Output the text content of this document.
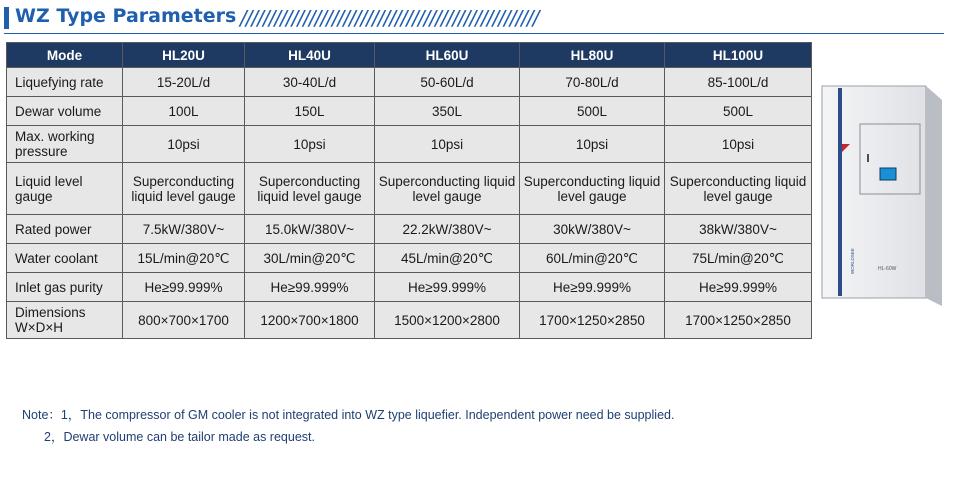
WZ Type Parameters ////////////////////////////////////////////////////
Mode	HL20U	HL40U	HL60U	HL80U	HL100U
Liquefying rate	15-20L/d	30-40L/d	50-60L/d	70-80L/d	85-100L/d
Dewar volume	100L	150L	350L	500L	500L
Max. working pressure	10psi	10psi	10psi	10psi	10psi
Liquid level gauge	Superconducting liquid level gauge	Superconducting liquid level gauge	Superconducting liquid level gauge	Superconducting liquid level gauge	Superconducting liquid level gauge
Rated power	7.5kW/380V~	15.0kW/380V~	22.2kW/380V~	30kW/380V~	38kW/380V~
Water coolant	15L/min@20℃	30L/min@20℃	45L/min@20℃	60L/min@20℃	75L/min@20℃
Inlet gas purity	He≥99.999%	He≥99.999%	He≥99.999%	He≥99.999%	He≥99.999%
Dimensions W×D×H	800×700×1700	1200×700×1800	1500×1200×2800	1700×1250×2850	1700×1250×2850
WORLDSEE	HL-60W
Note：1，The compressor of GM cooler is not integrated into WZ type liquefier. Independent power need be supplied.
2，Dewar volume can be tailor made as request.
